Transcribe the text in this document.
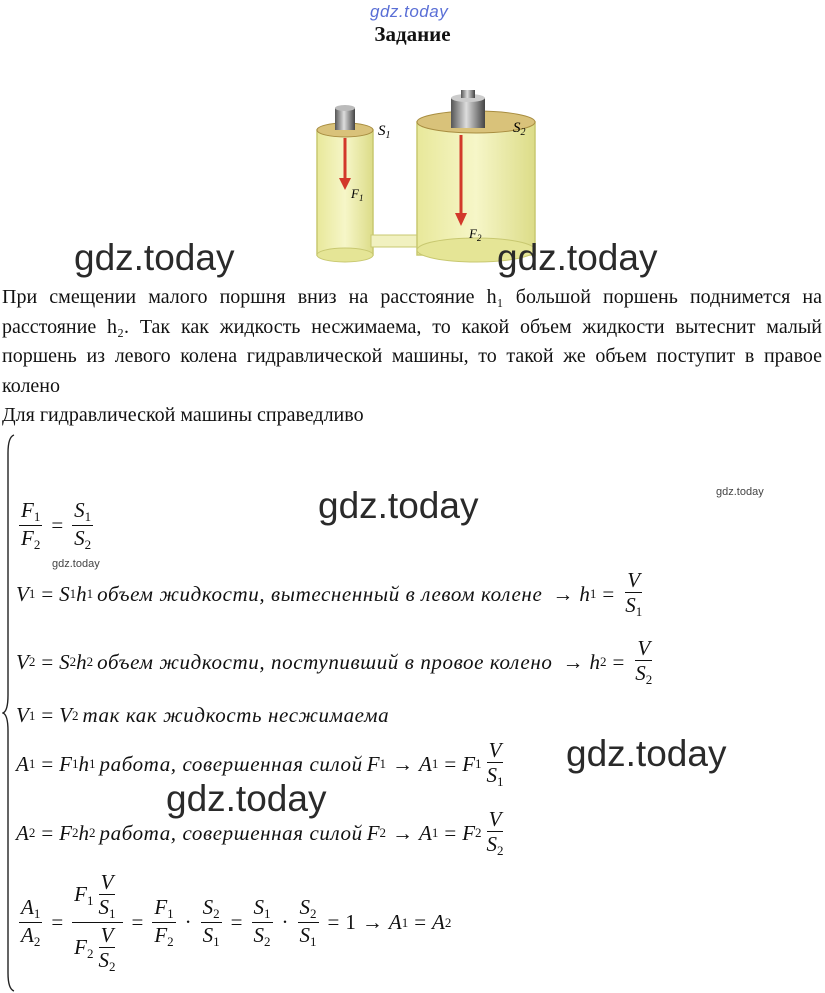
gdz.today
Задание
$S_1$	$S_2$
$F_1$
$F_2$
gdz.today	gdz.today

При смещении малого поршня вниз на расстояние h₁ большой поршень поднимется на расстояние h₂. Так как жидкость несжимаема, то какой объем жидкости вытеснит малый поршень из левого колена гидравлической машины, то такой же объем поступит в правое колено

Для гидравлической машины справедливо
gdz.today	gdz.today
gdz.today
gdz.today
gdz.today
$\frac{F_1}{F_2} = \frac{S_1}{S_2}$
V 1 = S 1 h 1 объем жидкости, вытесненный в левом колене → h $1 = \frac{V}{S_1}$
V 2 = S 2 h 2 объем жидкости, поступивший в провое колено → h $2 = \frac{V}{S_2}$
V 1 = V 2 так как жидкость несжимаема
A 1 = F 1 h 1 работа, совершенная силой F 1 → A 1 = F $1 \frac{V}{S_1}$
A 2 = F 2 h 2 работа, совершенная силой F 2 → A 1 = F $2 \frac{V}{S_2}$
$\frac{A_1}{A_2} = \frac{F_1 \frac{V}{S_1}}{F_2 \frac{V}{S_2}} = \frac{F_1}{F_2} \cdot \frac{S_2}{S_1} = \frac{S_1}{S_2} \cdot \frac{S_2}{S_1} = 1 \to A$ 1 = A 2
